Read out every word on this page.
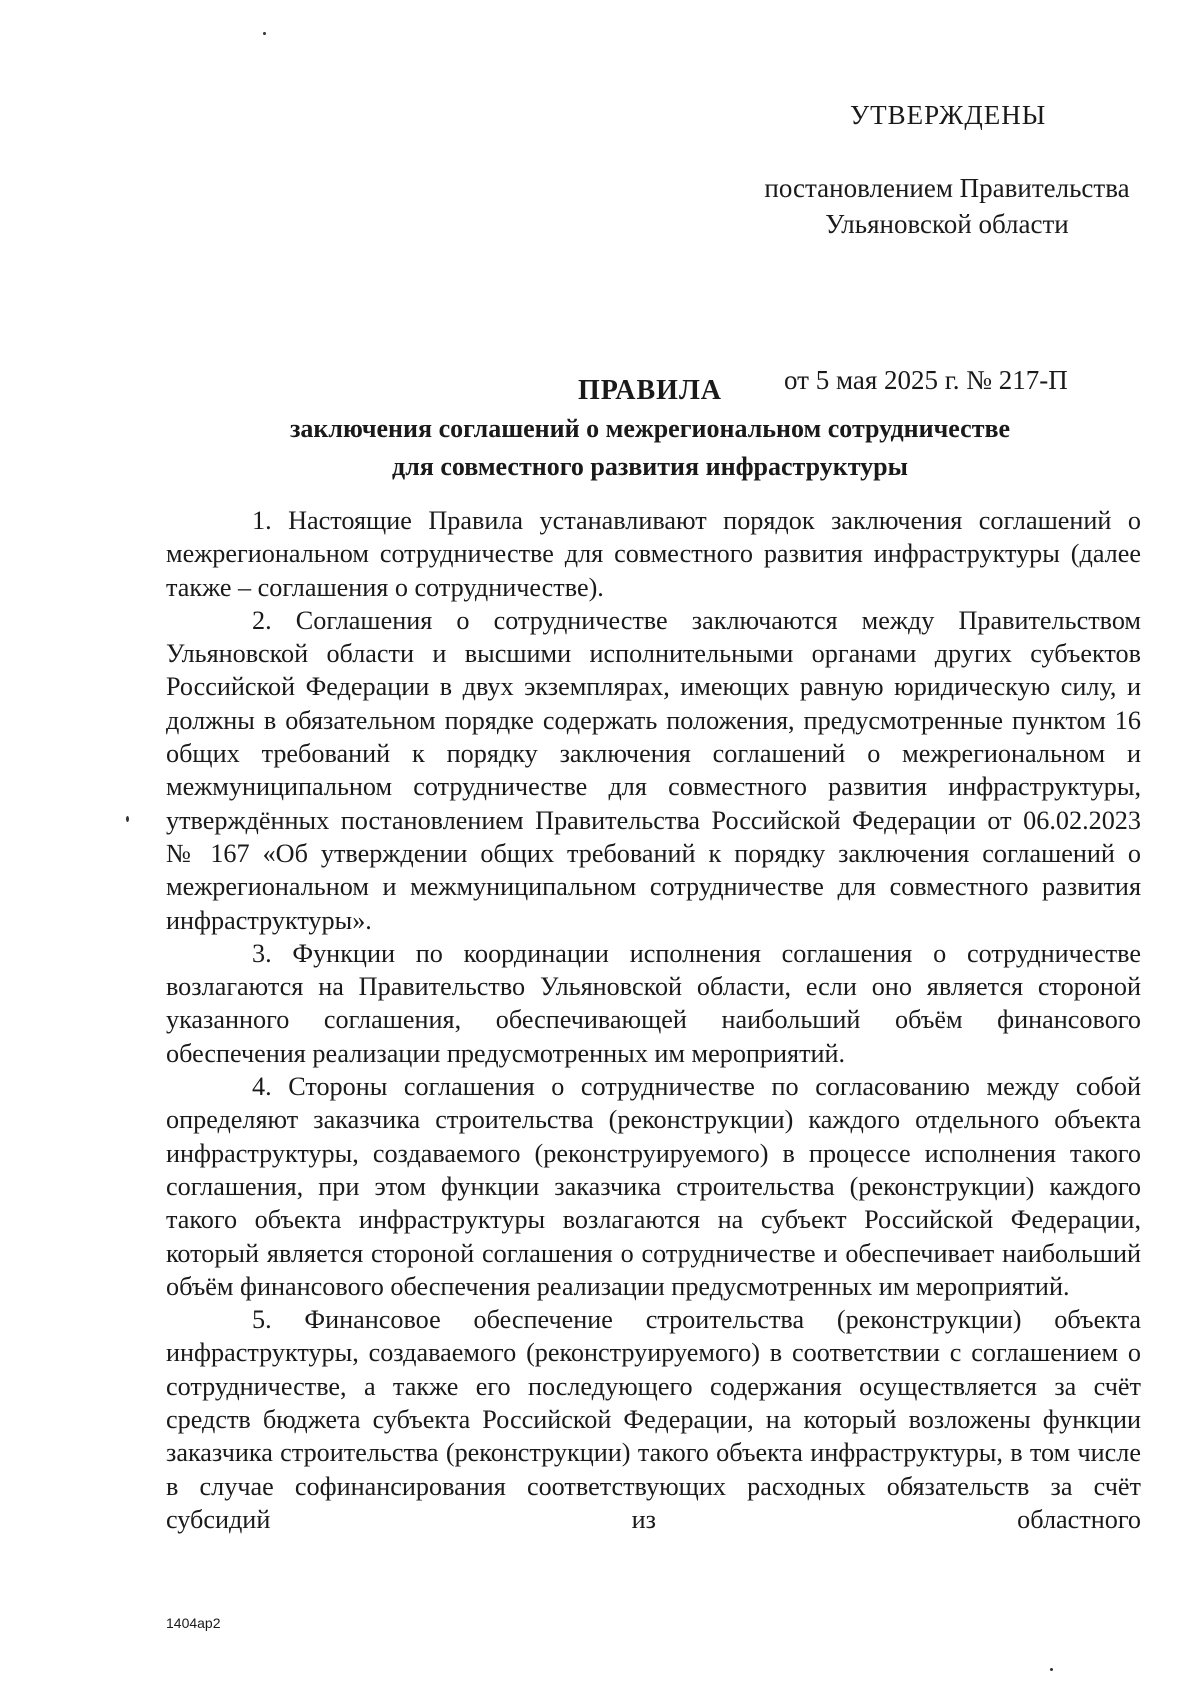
УТВЕРЖДЕНЫ
постановлением Правительства
Ульяновской области
от 5 мая 2025 г. № 217-П
ПРАВИЛА
заключения соглашений о межрегиональном сотрудничестве
для совместного развития инфраструктуры

1. Настоящие Правила устанавливают порядок заключения соглашений о межрегиональном сотрудничестве для совместного развития инфраструктуры (далее также – соглашения о сотрудничестве).

2. Соглашения о сотрудничестве заключаются между Правительством Ульяновской области и высшими исполнительными органами других субъектов Российской Федерации в двух экземплярах, имеющих равную юридическую силу, и должны в обязательном порядке содержать положения, предусмотренные пунктом 16 общих требований к порядку заключения соглашений о межрегиональном и межмуниципальном сотрудничестве для совместного развития инфраструктуры, утверждённых постановлением Правительства Российской Федерации от 06.02.2023 № 167 «Об утверждении общих требований к порядку заключения соглашений о межрегиональном и межмуниципальном сотрудничестве для совместного развития инфраструктуры».

3. Функции по координации исполнения соглашения о сотрудничестве возлагаются на Правительство Ульяновской области, если оно является стороной указанного соглашения, обеспечивающей наибольший объём финансового обеспечения реализации предусмотренных им мероприятий.

4. Стороны соглашения о сотрудничестве по согласованию между собой определяют заказчика строительства (реконструкции) каждого отдельного объекта инфраструктуры, создаваемого (реконструируемого) в процессе исполнения такого соглашения, при этом функции заказчика строительства (реконструкции) каждого такого объекта инфраструктуры возлагаются на субъект Российской Федерации, который является стороной соглашения о сотрудничестве и обеспечивает наибольший объём финансового обеспечения реализации предусмотренных им мероприятий.

5. Финансовое обеспечение строительства (реконструкции) объекта инфраструктуры, создаваемого (реконструируемого) в соответствии с соглашением о сотрудничестве, а также его последующего содержания осуществляется за счёт средств бюджета субъекта Российской Федерации, на который возложены функции заказчика строительства (реконструкции) такого объекта инфраструктуры, в том числе в случае софинансирования соответствующих расходных обязательств за счёт субсидий из областного

1404ap2
